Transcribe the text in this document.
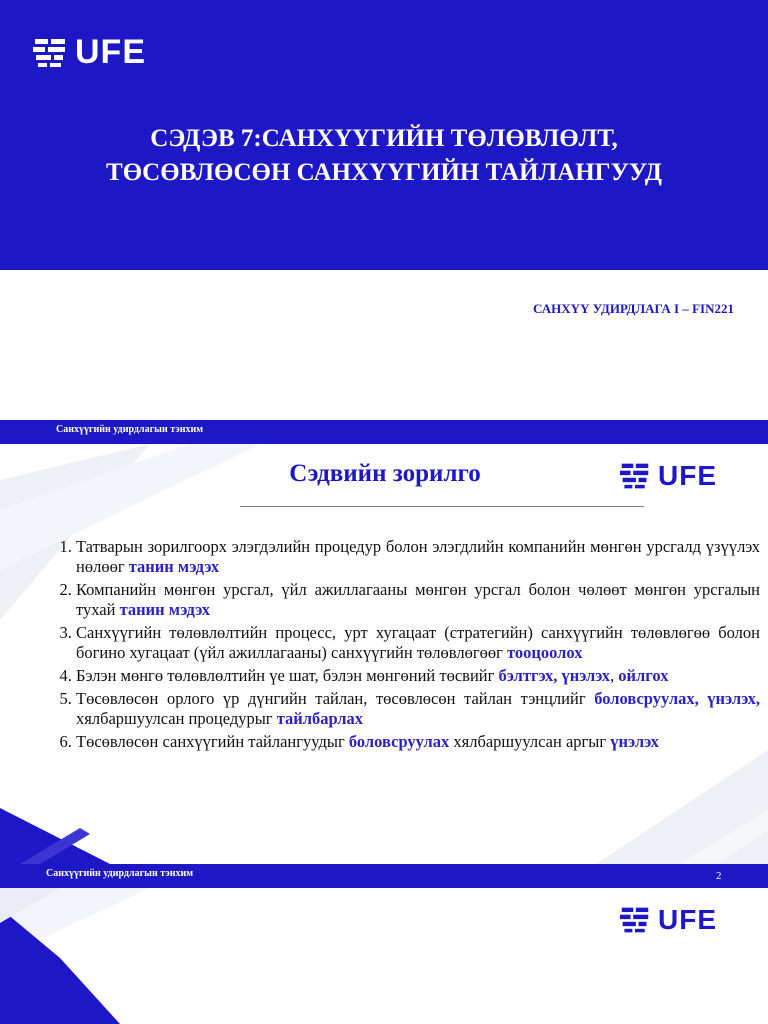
UFE
СЭДЭВ 7:САНХҮҮГИЙН ТӨЛӨВЛӨЛТ,
ТӨСӨВЛӨСӨН САНХҮҮГИЙН ТАЙЛАНГУУД
САНХҮҮ УДИРДЛАГА I – FIN221
Санхүүгийн удирдлагын тэнхим
Сэдвийн зорилго	UFE
1. Татварын зорилгоорх элэгдэлийн процедур болон элэгдлийн компанийн мөнгөн урсгалд үзүүлэх нөлөөг танин мэдэх
2. Компанийн мөнгөн урсгал, үйл ажиллагааны мөнгөн урсгал болон чөлөөт мөнгөн урсгалын тухай танин мэдэх
3. Санхүүгийн төлөвлөлтийн процесс, урт хугацаат (стратегийн) санхүүгийн төлөвлөгөө болон богино хугацаат (үйл ажиллагааны) санхүүгийн төлөвлөгөөг тооцоолох
4. Бэлэн мөнгө төлөвлөлтийн үе шат, бэлэн мөнгөний төсвийг бэлтгэх, үнэлэх, ойлгох
5. Төсөвлөсөн орлого үр дүнгийн тайлан, төсөвлөсөн тайлан тэнцлийг боловсруулах, үнэлэх, хялбаршуулсан процедурыг тайлбарлах
6. Төсөвлөсөн санхүүгийн тайлангуудыг боловсруулах хялбаршуулсан аргыг үнэлэх
Санхүүгийн удирдлагын тэнхим	2
UFE
